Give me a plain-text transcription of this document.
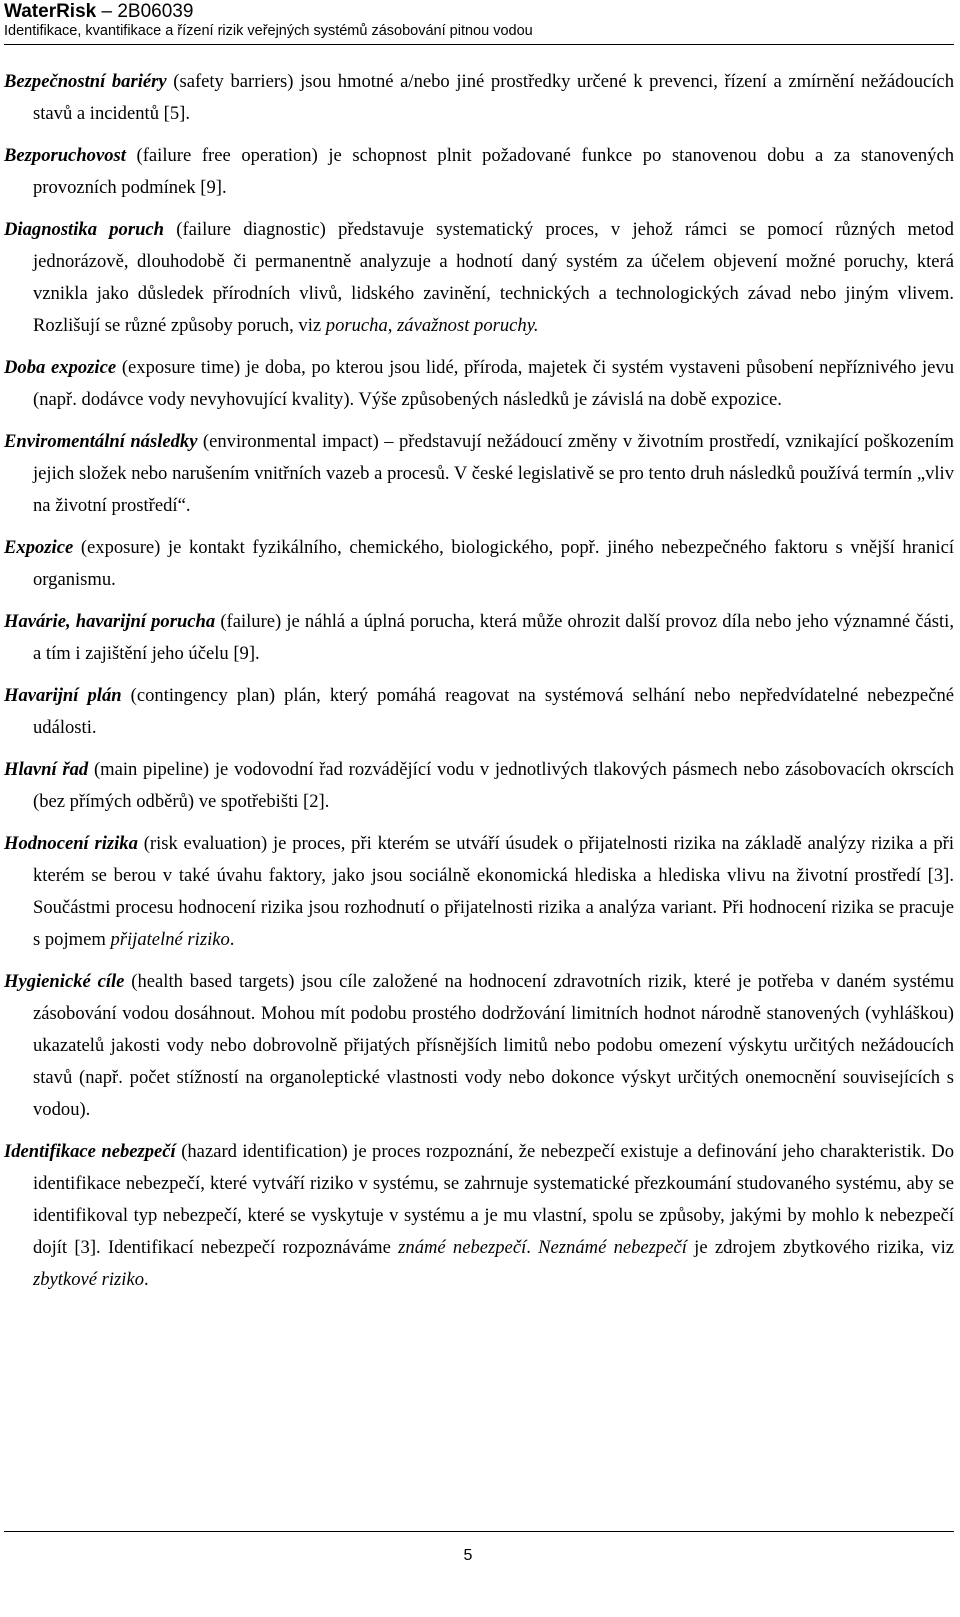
WaterRisk – 2B06039
Identifikace, kvantifikace a řízení rizik veřejných systémů zásobování pitnou vodou

Bezpečnostní bariéry (safety barriers) jsou hmotné a/nebo jiné prostředky určené k prevenci, řízení a zmírnění nežádoucích stavů a incidentů [5].

Bezporuchovost (failure free operation) je schopnost plnit požadované funkce po stanovenou dobu a za stanovených provozních podmínek [9].

Diagnostika poruch (failure diagnostic) představuje systematický proces, v jehož rámci se pomocí různých metod jednorázově, dlouhodobě či permanentně analyzuje a hodnotí daný systém za účelem objevení možné poruchy, která vznikla jako důsledek přírodních vlivů, lidského zavinění, technických a technologických závad nebo jiným vlivem. Rozlišují se různé způsoby poruch, viz porucha, závažnost poruchy.

Doba expozice (exposure time) je doba, po kterou jsou lidé, příroda, majetek či systém vystaveni působení nepříznivého jevu (např. dodávce vody nevyhovující kvality). Výše způsobených následků je závislá na době expozice.

Enviromentální následky (environmental impact) – představují nežádoucí změny v životním prostředí, vznikající poškozením jejich složek nebo narušením vnitřních vazeb a procesů. V české legislativě se pro tento druh následků používá termín „vliv na životní prostředí“.

Expozice (exposure) je kontakt fyzikálního, chemického, biologického, popř. jiného nebezpečného faktoru s vnější hranicí organismu.

Havárie, havarijní porucha (failure) je náhlá a úplná porucha, která může ohrozit další provoz díla nebo jeho významné části, a tím i zajištění jeho účelu [9].

Havarijní plán (contingency plan) plán, který pomáhá reagovat na systémová selhání nebo nepředvídatelné nebezpečné události.

Hlavní řad (main pipeline) je vodovodní řad rozvádějící vodu v jednotlivých tlakových pásmech nebo zásobovacích okrscích (bez přímých odběrů) ve spotřebišti [2].

Hodnocení rizika (risk evaluation) je proces, při kterém se utváří úsudek o přijatelnosti rizika na základě analýzy rizika a při kterém se berou v také úvahu faktory, jako jsou sociálně ekonomická hlediska a hlediska vlivu na životní prostředí [3]. Součástmi procesu hodnocení rizika jsou rozhodnutí o přijatelnosti rizika a analýza variant. Při hodnocení rizika se pracuje s pojmem přijatelné riziko.

Hygienické cíle (health based targets) jsou cíle založené na hodnocení zdravotních rizik, které je potřeba v daném systému zásobování vodou dosáhnout. Mohou mít podobu prostého dodržování limitních hodnot národně stanovených (vyhláškou) ukazatelů jakosti vody nebo dobrovolně přijatých přísnějších limitů nebo podobu omezení výskytu určitých nežádoucích stavů (např. počet stížností na organoleptické vlastnosti vody nebo dokonce výskyt určitých onemocnění souvisejících s vodou).

Identifikace nebezpečí (hazard identification) je proces rozpoznání, že nebezpečí existuje a definování jeho charakteristik. Do identifikace nebezpečí, které vytváří riziko v systému, se zahrnuje systematické přezkoumání studovaného systému, aby se identifikoval typ nebezpečí, které se vyskytuje v systému a je mu vlastní, spolu se způsoby, jakými by mohlo k nebezpečí dojít [3]. Identifikací nebezpečí rozpoznáváme známé nebezpečí. Neznámé nebezpečí je zdrojem zbytkového rizika, viz zbytkové riziko.

5
